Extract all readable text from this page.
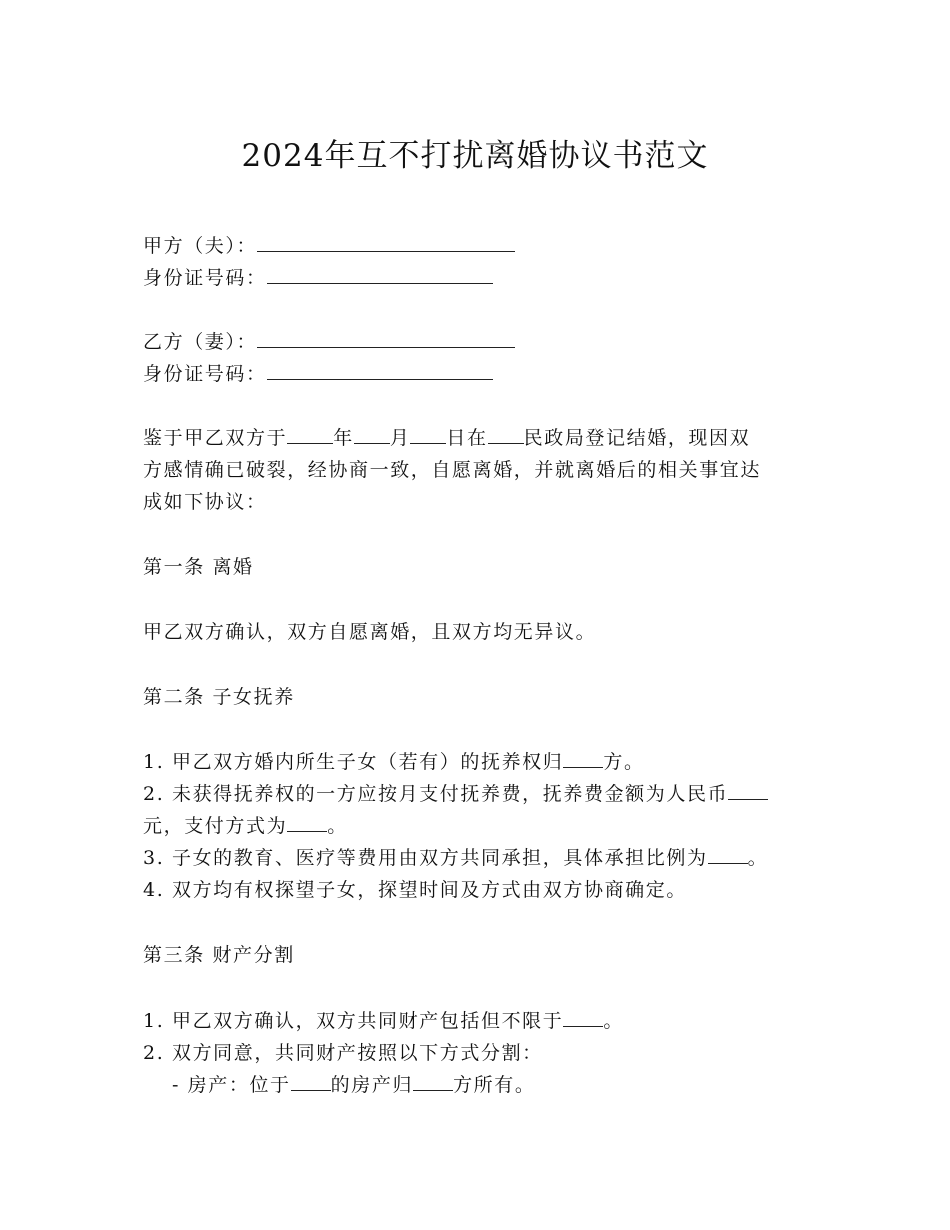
2024年互不打扰离婚协议书范文
甲方（夫）：
身份证号码：
乙方（妻）：
身份证号码：
鉴于甲乙双方于 年 月 日在 民政局登记结婚，现因双
方感情确已破裂，经协商一致，自愿离婚，并就离婚后的相关事宜达
成如下协议：
第一条 离婚
甲乙双方确认，双方自愿离婚，且双方均无异议。
第二条 子女抚养
1. 甲乙双方婚内所生子女（若有）的抚养权归 方。
2. 未获得抚养权的一方应按月支付抚养费，抚养费金额为人民币
元，支付方式为 。
3. 子女的教育、医疗等费用由双方共同承担，具体承担比例为 。
4. 双方均有权探望子女，探望时间及方式由双方协商确定。
第三条 财产分割
1. 甲乙双方确认，双方共同财产包括但不限于 。
2. 双方同意，共同财产按照以下方式分割：
- 房产：位于 的房产归 方所有。
